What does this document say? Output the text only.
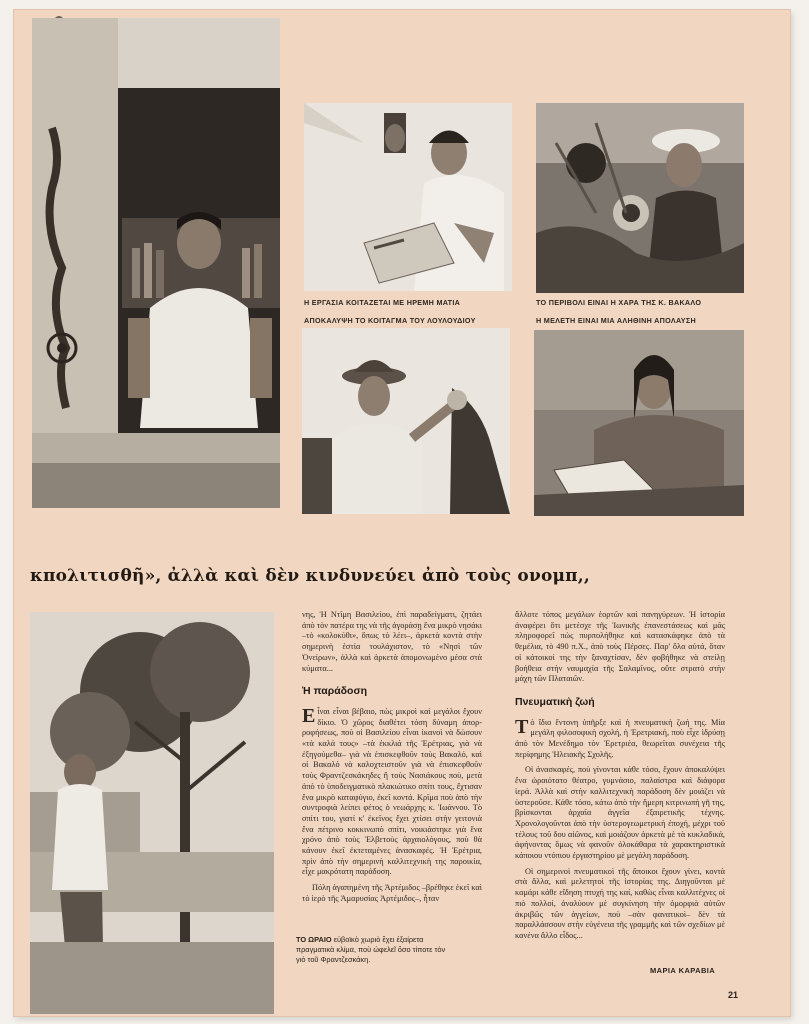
Η ΕΡΓΑΣΙΑ ΚΟΙΤΑΖΕΤΑΙ ΜΕ ΗΡΕΜΗ ΜΑΤΙΑ
ΑΠΟΚΑΛΥΨΗ ΤΟ ΚΟΙΤΑΓΜΑ ΤΟΥ ΛΟΥΛΟΥΔΙΟΥ
ΤΟ ΠΕΡΙΒΟΛΙ ΕΙΝΑΙ Η ΧΑΡΑ ΤΗΣ Κ. ΒΑΚΑΛΟ
Η ΜΕΛΕΤΗ ΕΙΝΑΙ ΜΙΑ ΑΛΗΘΙΝΗ ΑΠΟΛΑΥΣΗ
κπολιτισθῆ», ἀλλὰ καὶ δὲν κινδυνεύει ἀπὸ τοὺς ονομπ,,

νης, Ἡ Ντῖμη Βασιλείου, ἐπὶ παραδείγματι, ζητάει ἀπὸ τὸν πατέρα της νὰ τῆς ἀγοράσῃ ἕνα μικρὸ νησάκι –τὸ «κολοκύθι», ὅπως τὸ λέει–, ἀρκετὰ κοντὰ στὴν σημερινὴ ἑστία τουλάχιστον, τὸ «Νησὶ τῶν Ὀνείρων», ἀλλὰ καὶ ἀρκετὰ ἀπομονωμένο μέσα στὰ κύματα...

Ἡ παράδοση

Εἶναι εἶναι βέβαιο, πὼς μικροὶ καὶ μεγάλοι ἔχουν δίκιο. Ὁ χῶρος διαθέτει τόση δύναμη ἀπορροφήσεως, ποὺ οἱ Βασιλείου εἶναι ἱκανοὶ νὰ δώσουν «τὰ καλά τους» –τὰ ἐκκλιά τῆς Ἐρέτριας, γιὰ νὰ ἐξηγούμεθα– γιὰ νὰ ἐπισκεφθοῦν τοὺς Βακαλό, καὶ οἱ Βακαλό νὰ καλοχτειστοῦν γιὰ νὰ ἐπισκεφθοῦν τοὺς Φραντζεσκάκηδες ἢ τοὺς Νασιάκους ποὺ, μετὰ ἀπὸ τὸ ὑποδειγματικὸ πλακιώτικο σπίτι τους, ἔχτισαν ἕνα μικρὸ καταφύγιο, ἐκεῖ κοντά. Κρῖμα ποὺ ἀπὸ τὴν συντροφιὰ λείπει φέτος ὁ νεωάρχης κ. Ἰωάννου. Τὸ σπίτι του, γιατί κ' ἐκεῖνος ἔχει χτίσει στὴν γειτονιὰ ἕνα πέτρινο κοκκινωπὸ σπίτι, νοικιάστηκε γιὰ ἕνα χρόνο ἀπὸ τοὺς Ἑλβετοὺς ἀρχαιολόγους, ποὺ θὰ κάνουν ἐκεῖ ἐκτεταμένες ἀνασκαφές. Ἡ Ἐρέτρια, πρὶν ἀπὸ τὴν σημερινὴ καλλιτεχνικὴ της παροικία, εἶχε μακρότατη παράδοση.

Πόλη ἀγαπημένη τῆς Ἀρτέμιδος –βρέθηκε ἐκεῖ καὶ τὸ ἱερὸ τῆς Ἀμαρυσίας Ἀρτέμιδος–, ἦταν

ΤΟ ΩΡΑΙΟ εὐβοϊκὸ χωριὸ ἔχει ἐξαίρετα πραγματικὰ κλίμα, ποὺ ὠφελεῖ ὅσο τίποτε τὸν γιὸ τοῦ Φραντζεσκάκη.

ἄλλοτε τόπος μεγάλων ἑορτῶν καὶ πανηγύρεων. Ἡ ἱστορία ἀναφέρει ὅτι μετέσχε τῆς Ἰωνικῆς ἐπανεστάσεως καὶ μᾶς πληροφορεῖ πὼς πυρπολήθηκε καὶ κατασκάφηκε ἀπὸ τὰ θεμέλια, τὸ 490 π.Χ., ἀπὸ τοὺς Πέρσες. Παρ' ὅλα αὐτά, ὅταν οἱ κάτοικοί της τὴν ξαναχτίσαν, δὲν φοβήθηκε νὰ στείλῃ βοήθεια στὴν ναυμαχία τῆς Σαλαμῖνος, οὔτε στρατὸ στὴν μάχη τῶν Πλαταιῶν.

Πνευματικὴ ζωή

Τὸ ἴδιο ἔντονη ὑπῆρξε καὶ ἡ πνευματικὴ ζωή της. Μία μεγάλη φιλοσοφικὴ σχολή, ἡ Ἐρετριακή, ποὺ εἶχε ἱδρύσῃ ἀπὸ τὸν Μενέδημο τὸν Ἐρετριέα, θεωρεῖται συνέχεια τῆς περίφημης Ἠλειακῆς Σχολῆς.

Οἱ ἀνασκαφές, ποὺ γίνονται κάθε τόσο, ἔχουν ἀποκαλύψει ἕνα ὡραιότατο θέατρο, γυμνάσιο, παλαίστρα καὶ διάφορα ἱερά. Ἀλλὰ καὶ στὴν καλλιτεχνικὴ παράδοση δὲν μοιάζει νὰ ὑστεροῦσε. Κάθε τόσο, κάτω ἀπὸ τὴν ἥμερη κιτρινωπὴ γῆ της, βρίσκονται ἀρχαῖα ἀγγεῖα ἐξαιρετικῆς τέχνης. Χρονολογοῦνται ἀπὸ τὴν ὑστερογεωμετρικὴ ἐποχή, μέχρι τοῦ τέλους τοῦ δου αἰῶνος, καὶ μοιάζουν ἀρκετὰ μὲ τὰ κυκλαδικά, ἀφήνοντας ὅμως νὰ φανοῦν ὁλοκάθαρα τὰ χαρακτηριστικὰ κάποιου ντόπιου ἐργαστηρίου μὲ μεγάλη παράδοση.

Οἱ σημερινοὶ πνευματικοὶ τῆς ἄποικοι ἔχουν γίνει, κοντὰ στὰ ἄλλα, καὶ μελετητοὶ τῆς ἱστορίας της. Διηγοῦνται μὲ καμάρι κάθε εἴδηση πτυχή της καί, καθὼς εἶναι καλλιτέχνες οἱ πιὸ πολλοί, ἀναλύουν μὲ συγκίνηση τὴν ὁμορφιὰ αὐτῶν ἀκριβῶς τῶν ἀγγείων, ποὺ –σὰν φανατικοὶ– δὲν τὰ παραλλάσσουν στὴν εὐγένεια τῆς γραμμῆς καὶ τῶν σχεδίων μὲ κανένα ἄλλο εἶδος...

ΜΑΡΙΑ ΚΑΡΑΒΙΑ
21
